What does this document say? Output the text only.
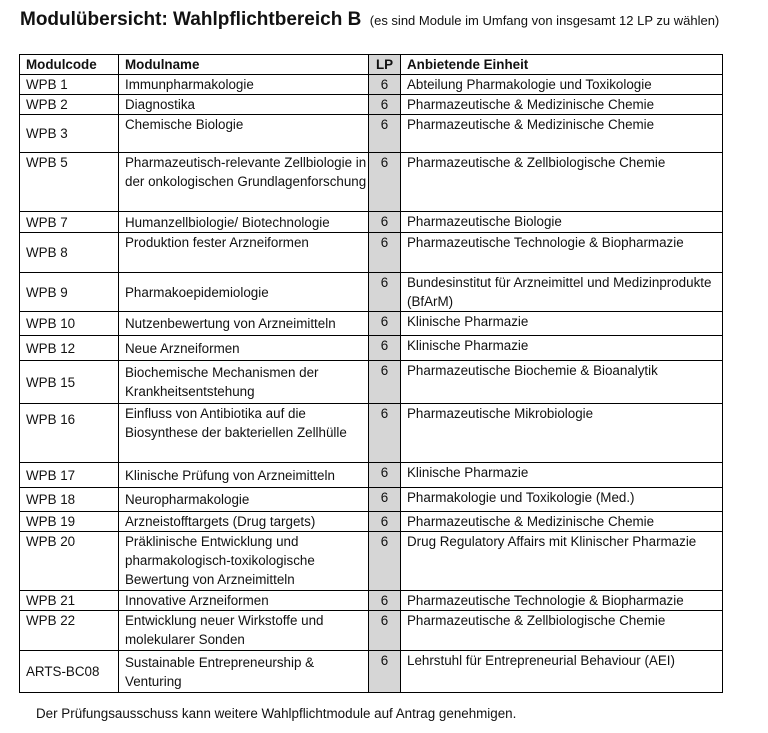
Modulübersicht: Wahlpflichtbereich B (es sind Module im Umfang von insgesamt 12 LP zu wählen)
Modulcode	Modulname	LP	Anbietende Einheit
WPB 1	Immunpharmakologie	6	Abteilung Pharmakologie und Toxikologie
WPB 2	Diagnostika	6	Pharmazeutische & Medizinische Chemie
WPB 3	Chemische Biologie	6	Pharmazeutische & Medizinische Chemie
WPB 5	Pharmazeutisch-relevante Zellbiologie in der onkologischen Grundlagenforschung	6	Pharmazeutische & Zellbiologische Chemie
WPB 7	Humanzellbiologie/ Biotechnologie	6	Pharmazeutische Biologie
WPB 8	Produktion fester Arzneiformen	6	Pharmazeutische Technologie & Biopharmazie
WPB 9	Pharmakoepidemiologie	6	Bundesinstitut für Arzneimittel und Medizinprodukte (BfArM)
WPB 10	Nutzenbewertung von Arzneimitteln	6	Klinische Pharmazie
WPB 12	Neue Arzneiformen	6	Klinische Pharmazie
WPB 15	Biochemische Mechanismen der Krankheitsentstehung	6	Pharmazeutische Biochemie & Bioanalytik
WPB 16	Einfluss von Antibiotika auf die Biosynthese der bakteriellen Zellhülle	6	Pharmazeutische Mikrobiologie
WPB 17	Klinische Prüfung von Arzneimitteln	6	Klinische Pharmazie
WPB 18	Neuropharmakologie	6	Pharmakologie und Toxikologie (Med.)
WPB 19	Arzneistofftargets (Drug targets)	6	Pharmazeutische & Medizinische Chemie
WPB 20	Präklinische Entwicklung und pharmakologisch-toxikologische Bewertung von Arzneimitteln	6	Drug Regulatory Affairs mit Klinischer Pharmazie
WPB 21	Innovative Arzneiformen	6	Pharmazeutische Technologie & Biopharmazie
WPB 22	Entwicklung neuer Wirkstoffe und molekularer Sonden	6	Pharmazeutische & Zellbiologische Chemie
ARTS-BC08	Sustainable Entrepreneurship & Venturing	6	Lehrstuhl für Entrepreneurial Behaviour (AEI)
Der Prüfungsausschuss kann weitere Wahlpflichtmodule auf Antrag genehmigen.
